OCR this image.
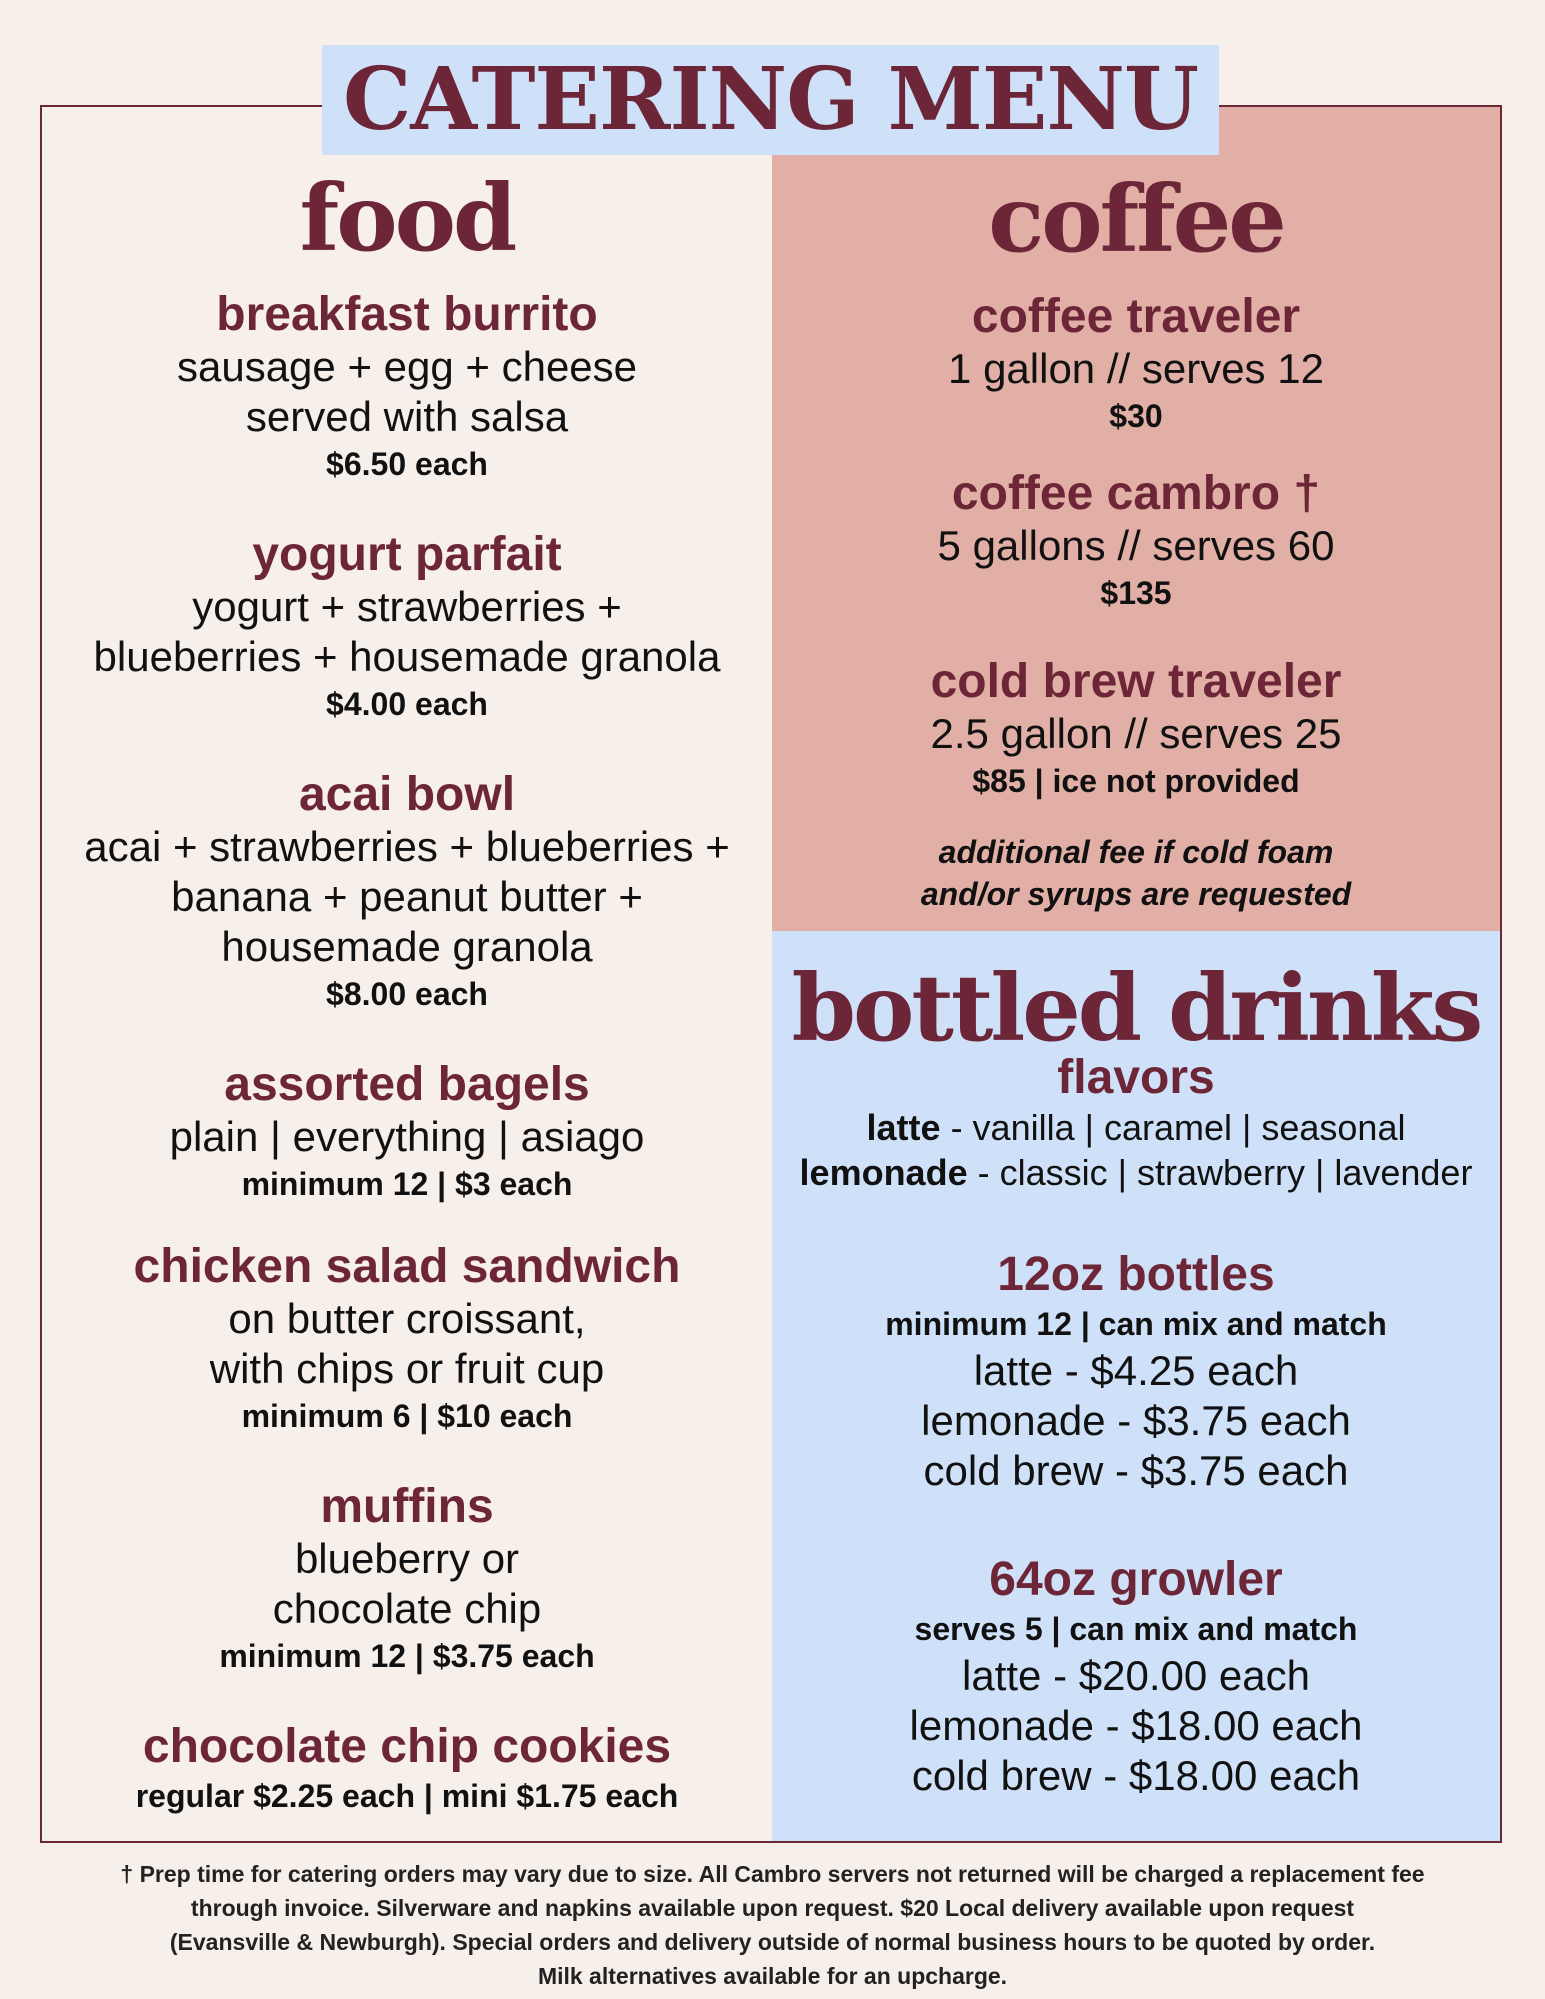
CATERING MENU
food
breakfast burrito
sausage + egg + cheese
served with salsa
$6.50 each
yogurt parfait
yogurt + strawberries +
blueberries + housemade granola
$4.00 each
acai bowl
acai + strawberries + blueberries +
banana + peanut butter +
housemade granola
$8.00 each
assorted bagels
plain | everything | asiago
minimum 12 | $3 each
chicken salad sandwich
on butter croissant,
with chips or fruit cup
minimum 6 | $10 each
muffins
blueberry or
chocolate chip
minimum 12 | $3.75 each
chocolate chip cookies
regular $2.25 each | mini $1.75 each
coffee
coffee traveler
1 gallon // serves 12
$30
coffee cambro †
5 gallons // serves 60
$135
cold brew traveler
2.5 gallon // serves 25
$85 | ice not provided
additional fee if cold foam
and/or syrups are requested
bottled drinks
flavors
latte - vanilla | caramel | seasonal
lemonade - classic | strawberry | lavender
12oz bottles
minimum 12 | can mix and match
latte - $4.25 each
lemonade - $3.75 each
cold brew - $3.75 each
64oz growler
serves 5 | can mix and match
latte - $20.00 each
lemonade - $18.00 each
cold brew - $18.00 each
† Prep time for catering orders may vary due to size. All Cambro servers not returned will be charged a replacement fee
through invoice. Silverware and napkins available upon request. $20 Local delivery available upon request
(Evansville & Newburgh). Special orders and delivery outside of normal business hours to be quoted by order.
Milk alternatives available for an upcharge.
